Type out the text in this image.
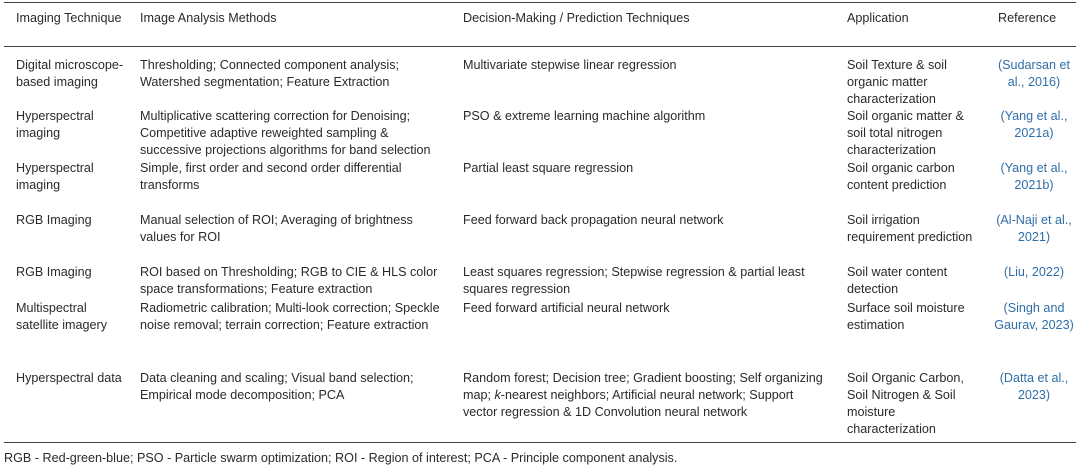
Imaging Technique	Image Analysis Methods	Decision-Making / Prediction Techniques	Application	Reference
Digital microscope-based imaging	Thresholding; Connected component analysis; Watershed segmentation; Feature Extraction	Multivariate stepwise linear regression	Soil Texture & soil organic matter characterization	(Sudarsan et al., 2016)

Hyperspectral imaging	Multiplicative scattering correction for Denoising; Competitive adaptive reweighted sampling & successive projections algorithms for band selection	PSO & extreme learning machine algorithm	Soil organic matter & soil total nitrogen characterization	(Yang et al., 2021a)

Hyperspectral imaging	Simple, first order and second order differential transforms	Partial least square regression	Soil organic carbon content prediction	(Yang et al., 2021b)

RGB Imaging	Manual selection of ROI; Averaging of brightness values for ROI	Feed forward back propagation neural network	Soil irrigation requirement prediction	(Al-Naji et al., 2021)

RGB Imaging	ROI based on Thresholding; RGB to CIE & HLS color space transformations; Feature extraction	Least squares regression; Stepwise regression & partial least squares regression	Soil water content detection	(Liu, 2022)

Multispectral satellite imagery	Radiometric calibration; Multi-look correction; Speckle noise removal; terrain correction; Feature extraction	Feed forward artificial neural network	Surface soil moisture estimation	(Singh and Gaurav, 2023)

Hyperspectral data	Data cleaning and scaling; Visual band selection; Empirical mode decomposition; PCA	Random forest; Decision tree; Gradient boosting; Self organizing map; k-nearest neighbors; Artificial neural network; Support vector regression & 1D Convolution neural network	Soil Organic Carbon, Soil Nitrogen & Soil moisture characterization	(Datta et al., 2023)
RGB - Red-green-blue; PSO - Particle swarm optimization; ROI - Region of interest; PCA - Principle component analysis.
